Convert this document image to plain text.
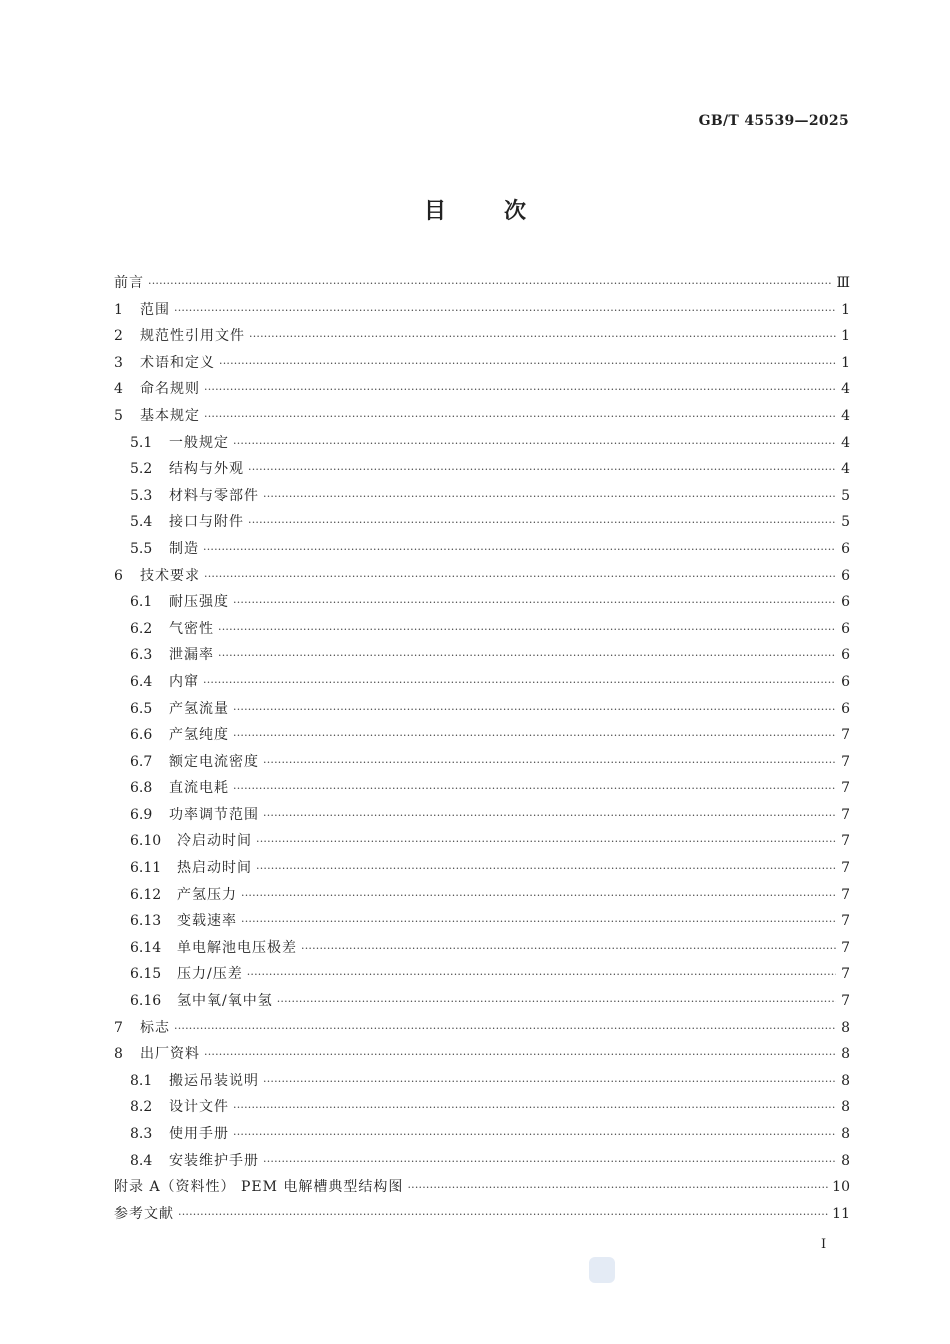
GB/T 45539—2025
目次
前言 ·····	Ⅲ
1	范围 ·····	1
2	规范性引用文件 ·····	1
3	术语和定义 ·····	1
4	命名规则 ·····	4
5	基本规定 ·····	4
5.1	一般规定 ·····	4
5.2	结构与外观 ·····	4
5.3	材料与零部件 ·····	5
5.4	接口与附件 ·····	5
5.5	制造 ·····	6
6	技术要求 ·····	6
6.1	耐压强度 ·····	6
6.2	气密性 ·····	6
6.3	泄漏率 ·····	6
6.4	内窜 ·····	6
6.5	产氢流量 ·····	6
6.6	产氢纯度 ·····	7
6.7	额定电流密度 ·····	7
6.8	直流电耗 ·····	7
6.9	功率调节范围 ·····	7
6.10	冷启动时间 ·····	7
6.11	热启动时间 ·····	7
6.12	产氢压力 ·····	7
6.13	变载速率 ·····	7
6.14	单电解池电压极差 ·····	7
6.15	压力/压差 ·····	7
6.16	氢中氧/氧中氢 ·····	7
7	标志 ·····	8
8	出厂资料 ·····	8
8.1	搬运吊装说明 ·····	8
8.2	设计文件 ·····	8
8.3	使用手册 ·····	8
8.4	安装维护手册 ·····	8
附录 A（资料性） PEM 电解槽典型结构图 ·····	10
参考文献 ·····	11
Ⅰ
